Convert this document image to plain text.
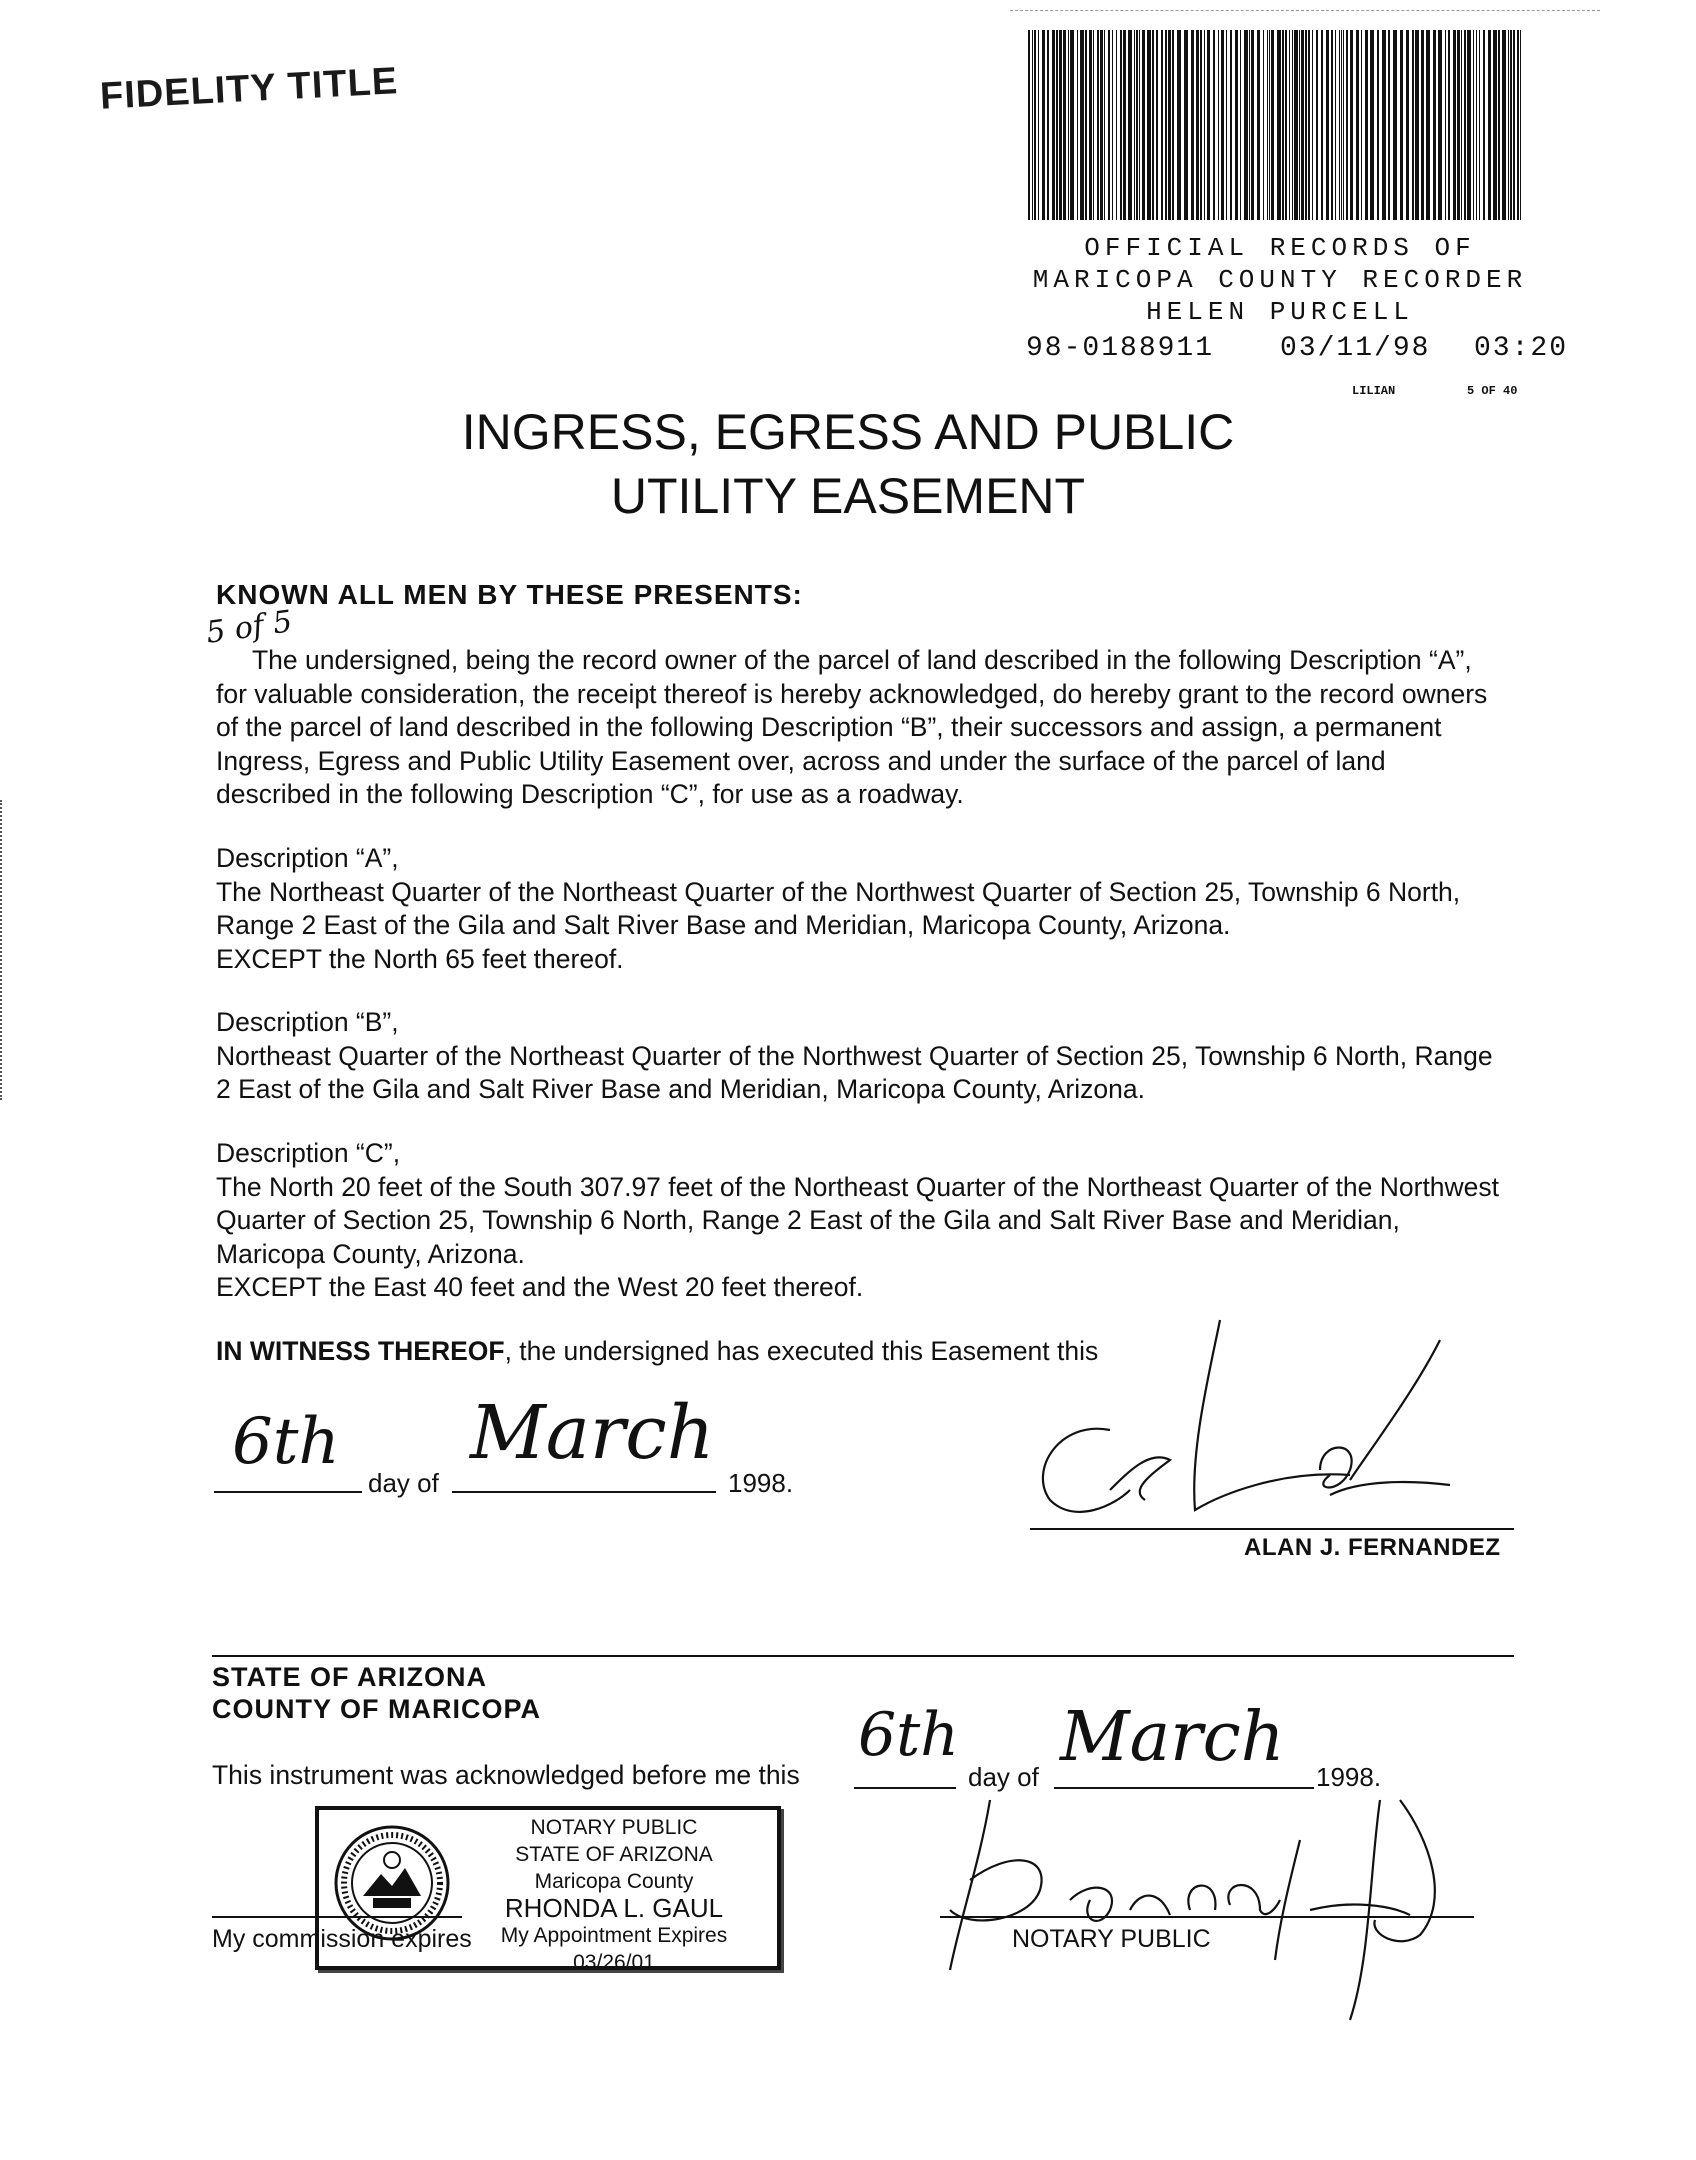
FIDELITY TITLE
OFFICIAL RECORDS OF
MARICOPA COUNTY RECORDER
HELEN PURCELL
98-0188911 03/11/98 03:20
LILIAN	5 OF 40
INGRESS, EGRESS AND PUBLIC
UTILITY EASEMENT
KNOWN ALL MEN BY THESE PRESENTS:
5 of 5

The undersigned, being the record owner of the parcel of land described in the following Description “A”, for valuable consideration, the receipt thereof is hereby acknowledged, do hereby grant to the record owners of the parcel of land described in the following Description “B”, their successors and assign, a permanent Ingress, Egress and Public Utility Easement over, across and under the surface of the parcel of land described in the following Description “C”, for use as a roadway.

Description “A”,

The Northeast Quarter of the Northeast Quarter of the Northwest Quarter of Section 25, Township 6 North, Range 2 East of the Gila and Salt River Base and Meridian, Maricopa County, Arizona.

EXCEPT the North 65 feet thereof.

Description “B”,

Northeast Quarter of the Northeast Quarter of the Northwest Quarter of Section 25, Township 6 North, Range 2 East of the Gila and Salt River Base and Meridian, Maricopa County, Arizona.

Description “C”,

The North 20 feet of the South 307.97 feet of the Northeast Quarter of the Northeast Quarter of the Northwest Quarter of Section 25, Township 6 North, Range 2 East of the Gila and Salt River Base and Meridian, Maricopa County, Arizona.

EXCEPT the East 40 feet and the West 20 feet thereof.

IN WITNESS THEREOF, the undersigned has executed this Easement this
6th
day of
March
1998.
ALAN J. FERNANDEZ
STATE OF ARIZONA
COUNTY OF MARICOPA
This instrument was acknowledged before me this
6th
day of March 1998.
My commission expires
NOTARY PUBLIC
STATE OF ARIZONA
Maricopa County
RHONDA L. GAUL
My Appointment Expires 03/26/01
NOTARY PUBLIC
